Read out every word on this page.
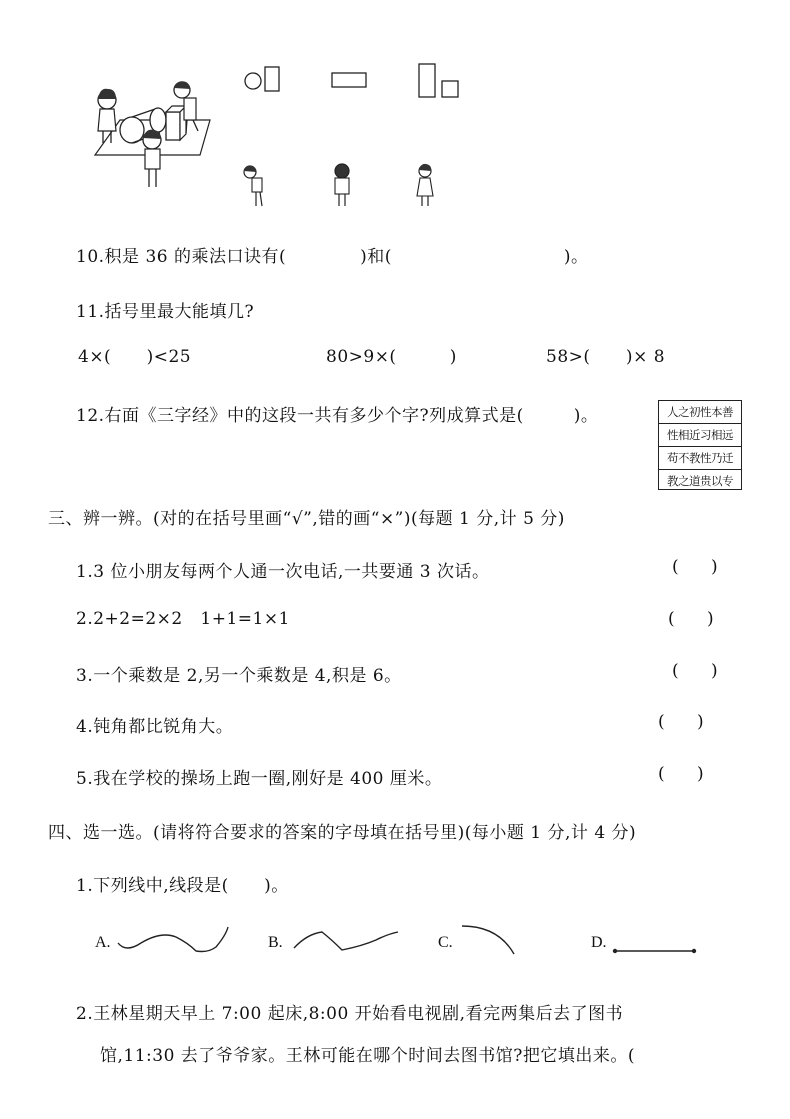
10.积是 36 的乘法口诀有(	)和(	)。
11.括号里最大能填几?
4×(      )<25	80>9×(         )	58>(      )× 8
12.右面《三字经》中的这段一共有多少个字?列成算式是(	)。	人之初性本善
性相近习相远
苟不教性乃迁
教之道贵以专
三、辨一辨。(对的在括号里画“√”,错的画“×”)(每题 1 分,计 5 分)
1.3 位小朋友每两个人通一次电话,一共要通 3 次话。	(      )
2.2+2=2×2   1+1=1×1	(      )
3.一个乘数是 2,另一个乘数是 4,积是 6。	(      )
4.钝角都比锐角大。	(      )
5.我在学校的操场上跑一圈,刚好是 400 厘米。	(      )
四、选一选。(请将符合要求的答案的字母填在括号里)(每小题 1 分,计 4 分)
1.下列线中,线段是(      )。
A.	B.	C.	D.
2.王林星期天早上 7:00 起床,8:00 开始看电视剧,看完两集后去了图书
馆,11:30 去了爷爷家。王林可能在哪个时间去图书馆?把它填出来。(
